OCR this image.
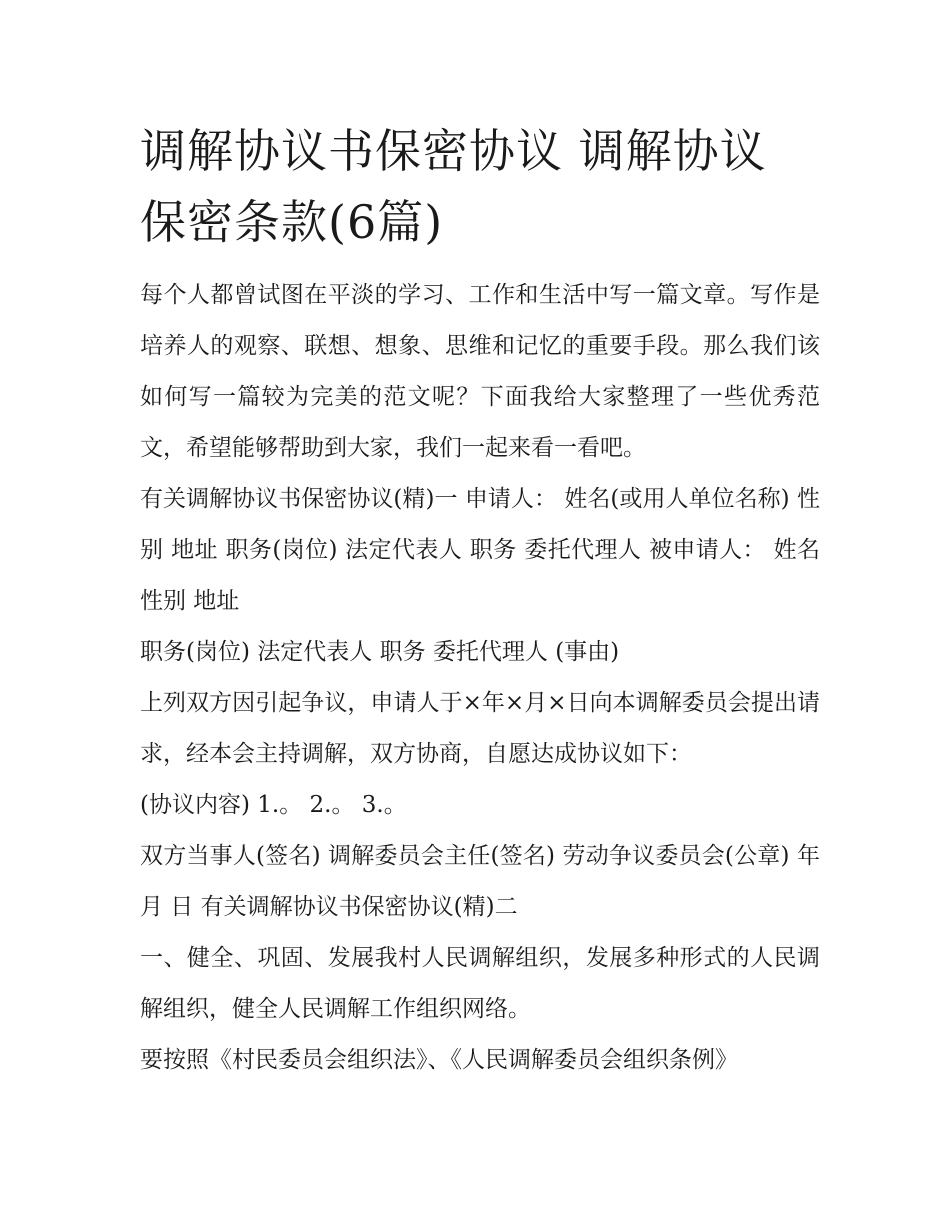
调解协议书保密协议 调解协议
保密条款(6篇)

每个人都曾试图在平淡的学习、工作和生活中写一篇文章。写作是培养人的观察、联想、想象、思维和记忆的重要手段。那么我们该如何写一篇较为完美的范文呢？下面我给大家整理了一些优秀范文，希望能够帮助到大家，我们一起来看一看吧。

有关调解协议书保密协议(精)一 申请人： 姓名(或用人单位名称) 性别 地址 职务(岗位) 法定代表人 职务 委托代理人 被申请人： 姓名 性别 地址

职务(岗位) 法定代表人 职务 委托代理人 (事由)

上列双方因引起争议，申请人于×年×月×日向本调解委员会提出请求，经本会主持调解，双方协商，自愿达成协议如下：

(协议内容) 1.。 2.。 3.。

双方当事人(签名) 调解委员会主任(签名) 劳动争议委员会(公章) 年 月 日 有关调解协议书保密协议(精)二

一、健全、巩固、发展我村人民调解组织，发展多种形式的人民调解组织，健全人民调解工作组织网络。

要按照《村民委员会组织法》、《人民调解委员会组织条例》
